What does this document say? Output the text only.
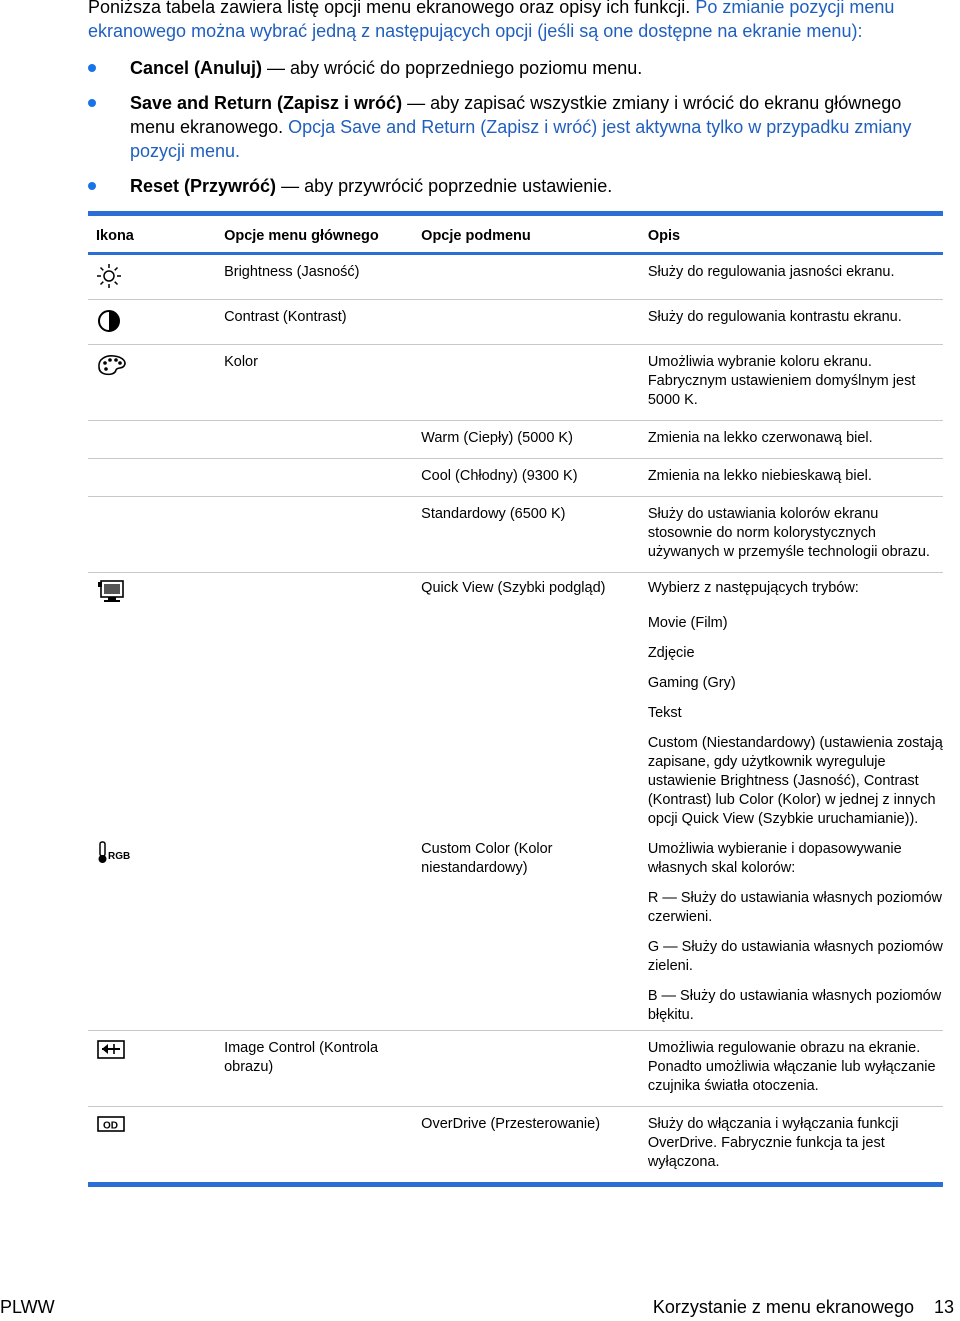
Poniższa tabela zawiera listę opcji menu ekranowego oraz opisy ich funkcji. Po zmianie pozycji menu ekranowego można wybrać jedną z następujących opcji (jeśli są one dostępne na ekranie menu):
Cancel (Anuluj) — aby wrócić do poprzedniego poziomu menu.
Save and Return (Zapisz i wróć) — aby zapisać wszystkie zmiany i wrócić do ekranu głównego menu ekranowego. Opcja Save and Return (Zapisz i wróć) jest aktywna tylko w przypadku zmiany pozycji menu.
Reset (Przywróć) — aby przywrócić poprzednie ustawienie.
Ikona	Opcje menu głównego	Opcje podmenu	Opis

	Brightness (Jasność)		Służy do regulowania jasności ekranu.

	Contrast (Kontrast)		Służy do regulowania kontrastu ekranu.

	Kolor		Umożliwia wybranie koloru ekranu. Fabrycznym ustawieniem domyślnym jest 5000 K.
		Warm (Ciepły) (5000 K)	Zmienia na lekko czerwonawą biel.
		Cool (Chłodny) (9300 K)	Zmienia na lekko niebieskawą biel.
		Standardowy (6500 K)	Służy do ustawiania kolorów ekranu stosownie do norm kolorystycznych używanych w przemyśle technologii obrazu.

		Quick View (Szybki podgląd)	Wybierz z następujących trybów:
			Movie (Film)
			Zdjęcie
			Gaming (Gry)
			Tekst
			Custom (Niestandardowy) (ustawienia zostają zapisane, gdy użytkownik wyreguluje ustawienie Brightness (Jasność), Contrast (Kontrast) lub Color (Kolor) w jednej z innych opcji Quick View (Szybkie uruchamianie)).

RGB		Custom Color (Kolor niestandardowy)	Umożliwia wybieranie i dopasowywanie własnych skal kolorów:
			R — Służy do ustawiania własnych poziomów czerwieni.
			G — Służy do ustawiania własnych poziomów zieleni.
			B — Służy do ustawiania własnych poziomów błękitu.

	Image Control (Kontrola obrazu)		Umożliwia regulowanie obrazu na ekranie. Ponadto umożliwia włączanie lub wyłączanie czujnika światła otoczenia.

OD		OverDrive (Przesterowanie)	Służy do włączania i wyłączania funkcji OverDrive. Fabrycznie funkcja ta jest wyłączona.
PLWW	Korzystanie z menu ekranowego    13
